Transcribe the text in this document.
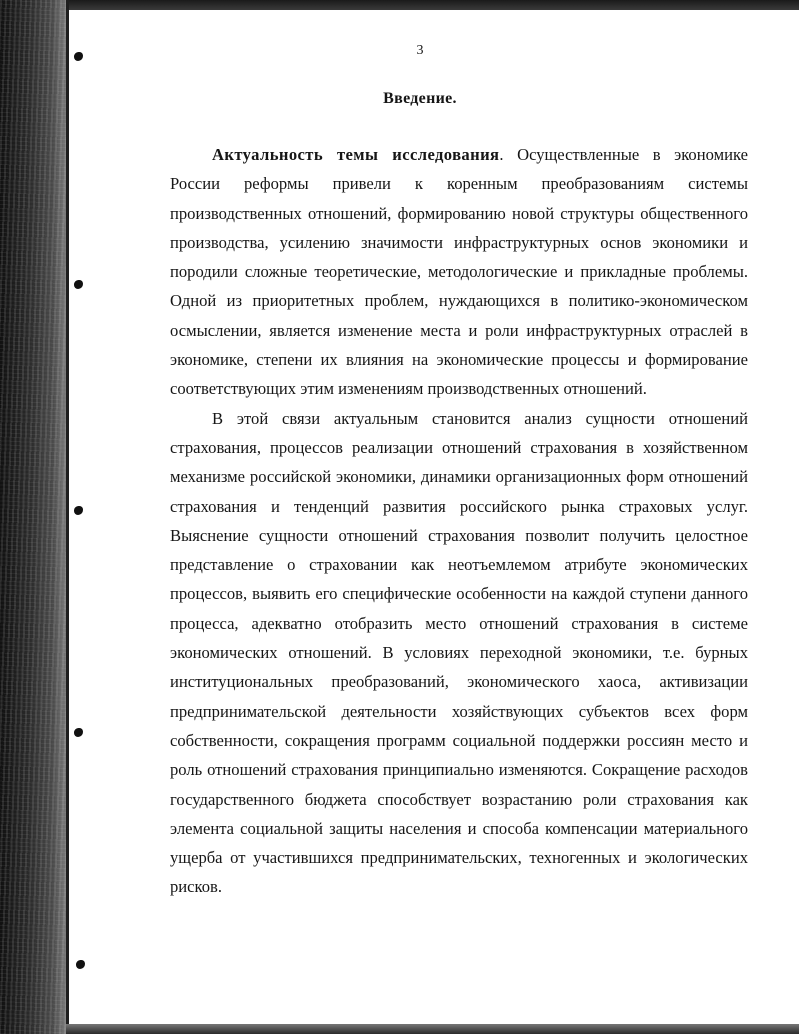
3
Введение.

Актуальность темы исследования. Осуществленные в экономике России реформы привели к коренным преобразованиям системы производственных отношений, формированию новой структуры общественного производства, усилению значимости инфраструктурных основ экономики и породили сложные теоретические, методологические и прикладные проблемы. Одной из приоритетных проблем, нуждающихся в политико-экономическом осмыслении, является изменение места и роли инфраструктурных отраслей в экономике, степени их влияния на экономические процессы и формирование соответствующих этим изменениям производственных отношений.

В этой связи актуальным становится анализ сущности отношений страхования, процессов реализации отношений страхования в хозяйственном механизме российской экономики, динамики организационных форм отношений страхования и тенденций развития российского рынка страховых услуг. Выяснение сущности отношений страхования позволит получить целостное представление о страховании как неотъемлемом атрибуте экономических процессов, выявить его специфические особенности на каждой ступени данного процесса, адекватно отобразить место отношений страхования в системе экономических отношений. В условиях переходной экономики, т.е. бурных институциональных преобразований, экономического хаоса, активизации предпринимательской деятельности хозяйствующих субъектов всех форм собственности, сокращения программ социальной поддержки россиян место и роль отношений страхования принципиально изменяются. Сокращение расходов государственного бюджета способствует возрастанию роли страхования как элемента социальной защиты населения и способа компенсации материального ущерба от участившихся предпринимательских, техногенных и экологических рисков.
